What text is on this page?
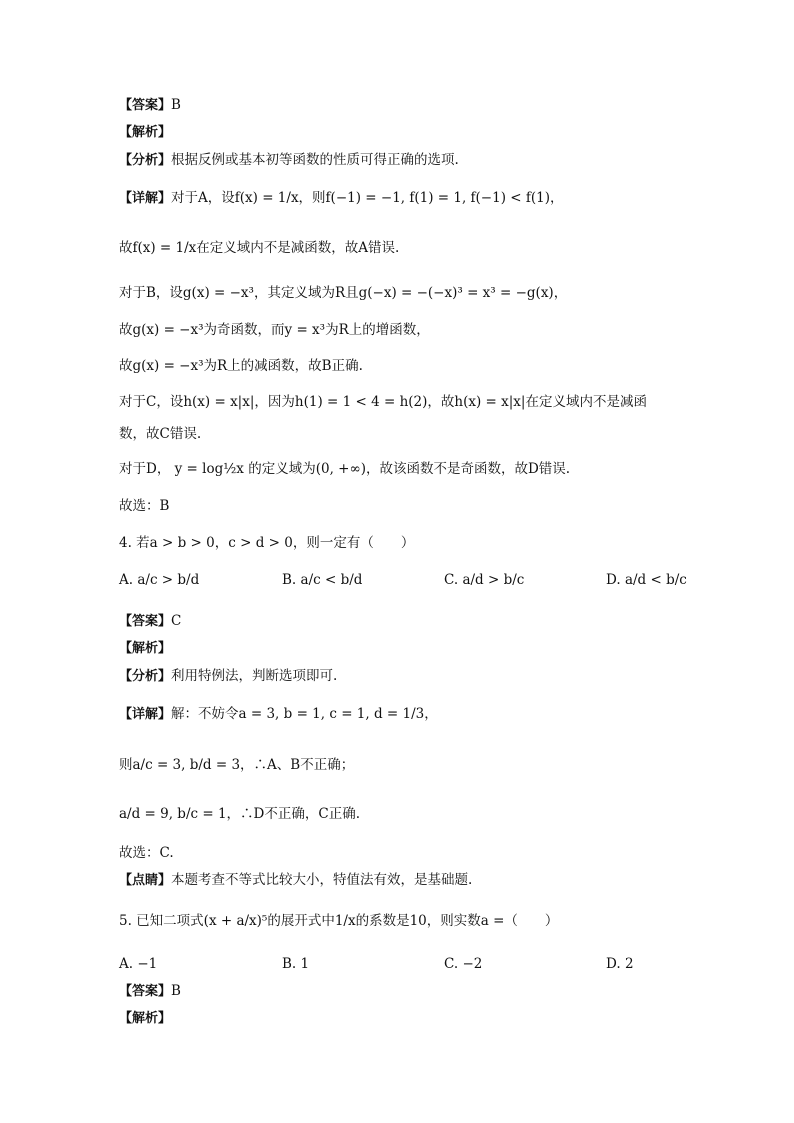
【答案】B
【解析】
【分析】根据反例或基本初等函数的性质可得正确的选项.
【详解】对于A，设f(x) = 1/x，则f(−1) = −1, f(1) = 1, f(−1) < f(1)，
故f(x) = 1/x在定义域内不是减函数，故A错误.
对于B，设g(x) = −x³，其定义域为R且g(−x) = −(−x)³ = x³ = −g(x)，
故g(x) = −x³为奇函数，而y = x³为R上的增函数，
故g(x) = −x³为R上的减函数，故B正确.
对于C，设h(x) = x|x|，因为h(1) = 1 < 4 = h(2)，故h(x) = x|x|在定义域内不是减函
数，故C错误.
对于D， y = log½x 的定义域为(0, +∞)，故该函数不是奇函数，故D错误.
故选：B
4. 若a > b > 0，c > d > 0，则一定有（　　）
A. a/c > b/d	B. a/c < b/d	C. a/d > b/c	D. a/d < b/c
【答案】C
【解析】
【分析】利用特例法，判断选项即可.
【详解】解：不妨令a = 3, b = 1, c = 1, d = 1/3，
则a/c = 3, b/d = 3，∴A、B不正确；
a/d = 9, b/c = 1，∴D不正确，C正确.
故选：C.
【点睛】本题考查不等式比较大小，特值法有效，是基础题.
5. 已知二项式(x + a/x)⁵的展开式中1/x的系数是10，则实数a =（　　）
A. −1	B. 1	C. −2	D. 2
【答案】B
【解析】
